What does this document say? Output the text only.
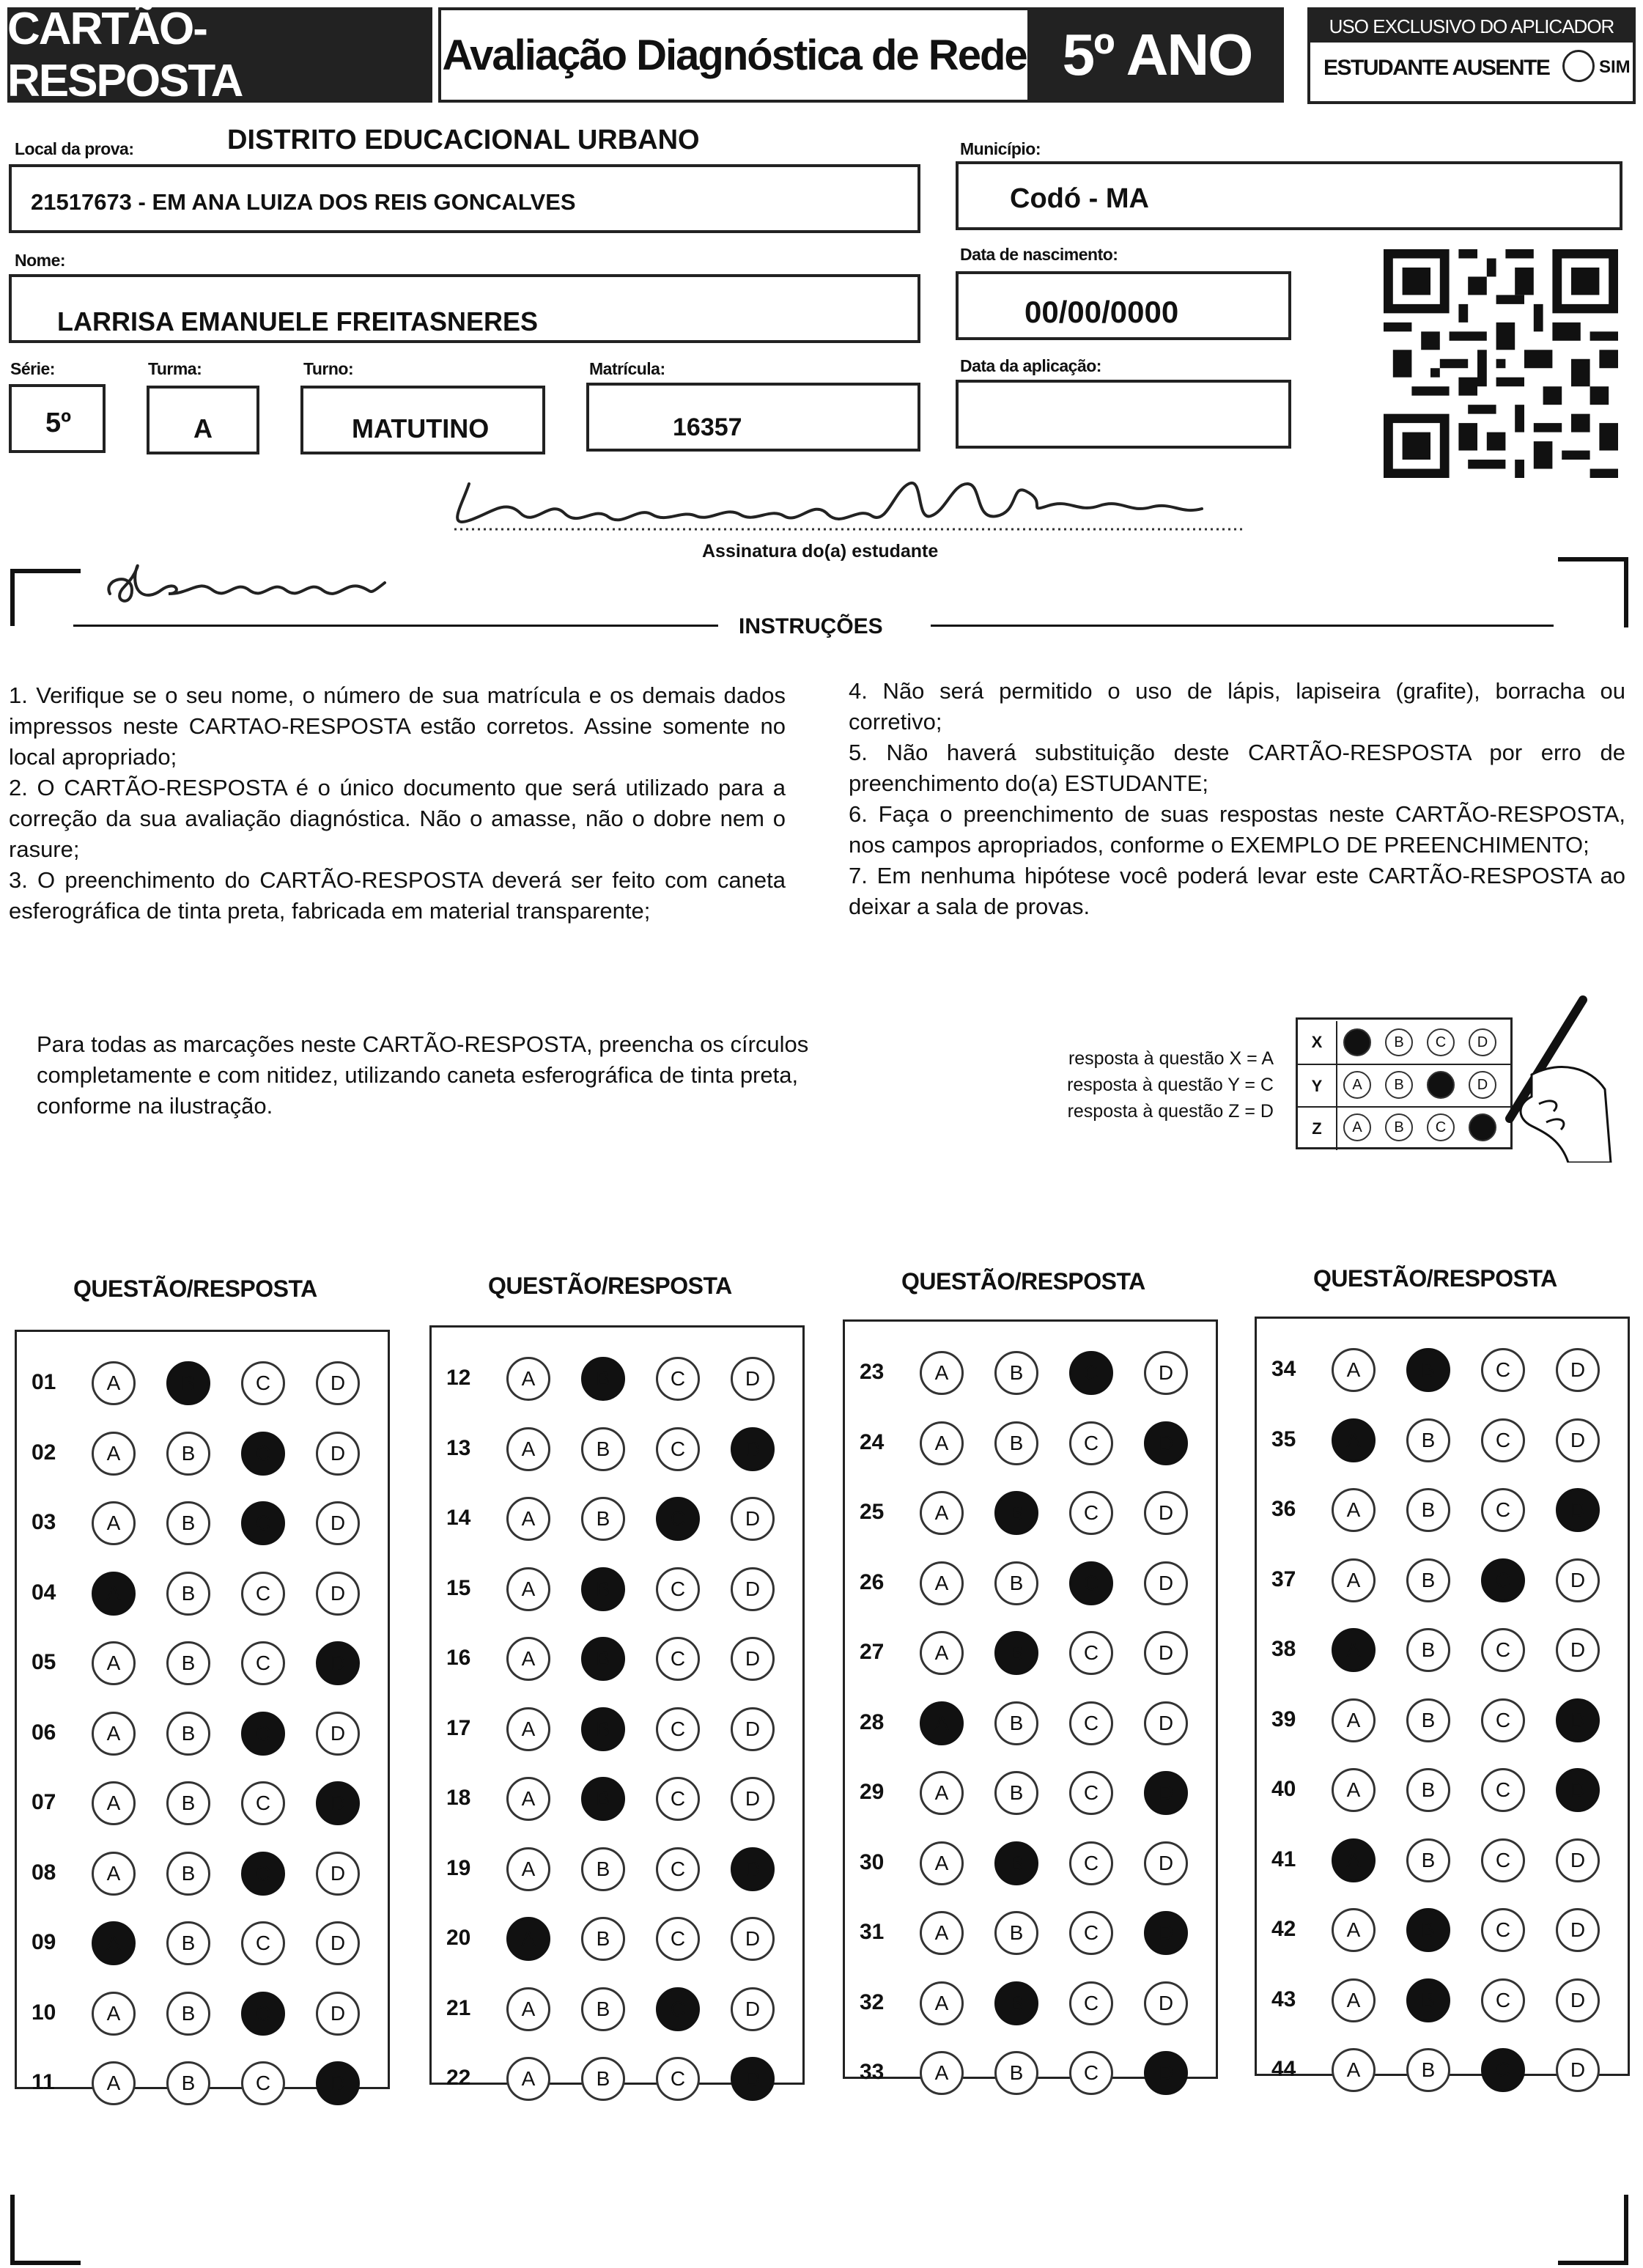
CARTÃO-RESPOSTA
Avaliação Diagnóstica de Rede 5º ANO	USO EXCLUSIVO DO APLICADOR
ESTUDANTE AUSENTE	SIM
Local da prova:	DISTRITO EDUCACIONAL URBANO
21517673 - EM ANA LUIZA DOS REIS GONCALVES
Município:
Codó - MA
Nome:
LARRISA EMANUELE FREITASNERES
Data de nascimento:
00/00/0000
Série:
5º
Turma:
A
Turno:
MATUTINO
Matrícula:
16357
Data da aplicação:
Assinatura do(a) estudante
INSTRUÇÕES
1. Verifique se o seu nome, o número de sua matrícula e os demais dados impressos neste CARTAO-RESPOSTA estão corretos. Assine somente no local apropriado;
2. O CARTÃO-RESPOSTA é o único documento que será utilizado para a correção da sua avaliação diagnóstica. Não o amasse, não o dobre nem o rasure;
3. O preenchimento do CARTÃO-RESPOSTA deverá ser feito com caneta esferográfica de tinta preta, fabricada em material transparente;
4. Não será permitido o uso de lápis, lapiseira (grafite), borracha ou corretivo;
5. Não haverá substituição deste CARTÃO-RESPOSTA por erro de preenchimento do(a) ESTUDANTE;
6. Faça o preenchimento de suas respostas neste CARTÃO-RESPOSTA, nos campos apropriados, conforme o EXEMPLO DE PREENCHIMENTO;
7. Em nenhuma hipótese você poderá levar este CARTÃO-RESPOSTA ao deixar a sala de provas.
Para todas as marcações neste CARTÃO-RESPOSTA, preencha os círculos completamente e com nitidez, utilizando caneta esferográfica de tinta preta, conforme na ilustração.
resposta à questão X = A
resposta à questão Y = C
resposta à questão Z = D
X	B	C	D
Y	A	B	D
Z	A	B	C
QUESTÃO/RESPOSTA
01	A	B	C	D
02	A	B	C	D
03	A	B	C	D
04	A	B	C	D
05	A	B	C	D
06	A	B	C	D
07	A	B	C	D
08	A	B	C	D
09	A	B	C	D
10	A	B	C	D
11	A	B	C	D
QUESTÃO/RESPOSTA
12	A	B	C	D
13	A	B	C	D
14	A	B	C	D
15	A	B	C	D
16	A	B	C	D
17	A	B	C	D
18	A	B	C	D
19	A	B	C	D
20	A	B	C	D
21	A	B	C	D
22	A	B	C	D
QUESTÃO/RESPOSTA
23	A	B	C	D
24	A	B	C	D
25	A	B	C	D
26	A	B	C	D
27	A	B	C	D
28	A	B	C	D
29	A	B	C	D
30	A	B	C	D
31	A	B	C	D
32	A	B	C	D
33	A	B	C	D
QUESTÃO/RESPOSTA
34	A	B	C	D
35	A	B	C	D
36	A	B	C	D
37	A	B	C	D
38	A	B	C	D
39	A	B	C	D
40	A	B	C	D
41	A	B	C	D
42	A	B	C	D
43	A	B	C	D
44	A	B	C	D
